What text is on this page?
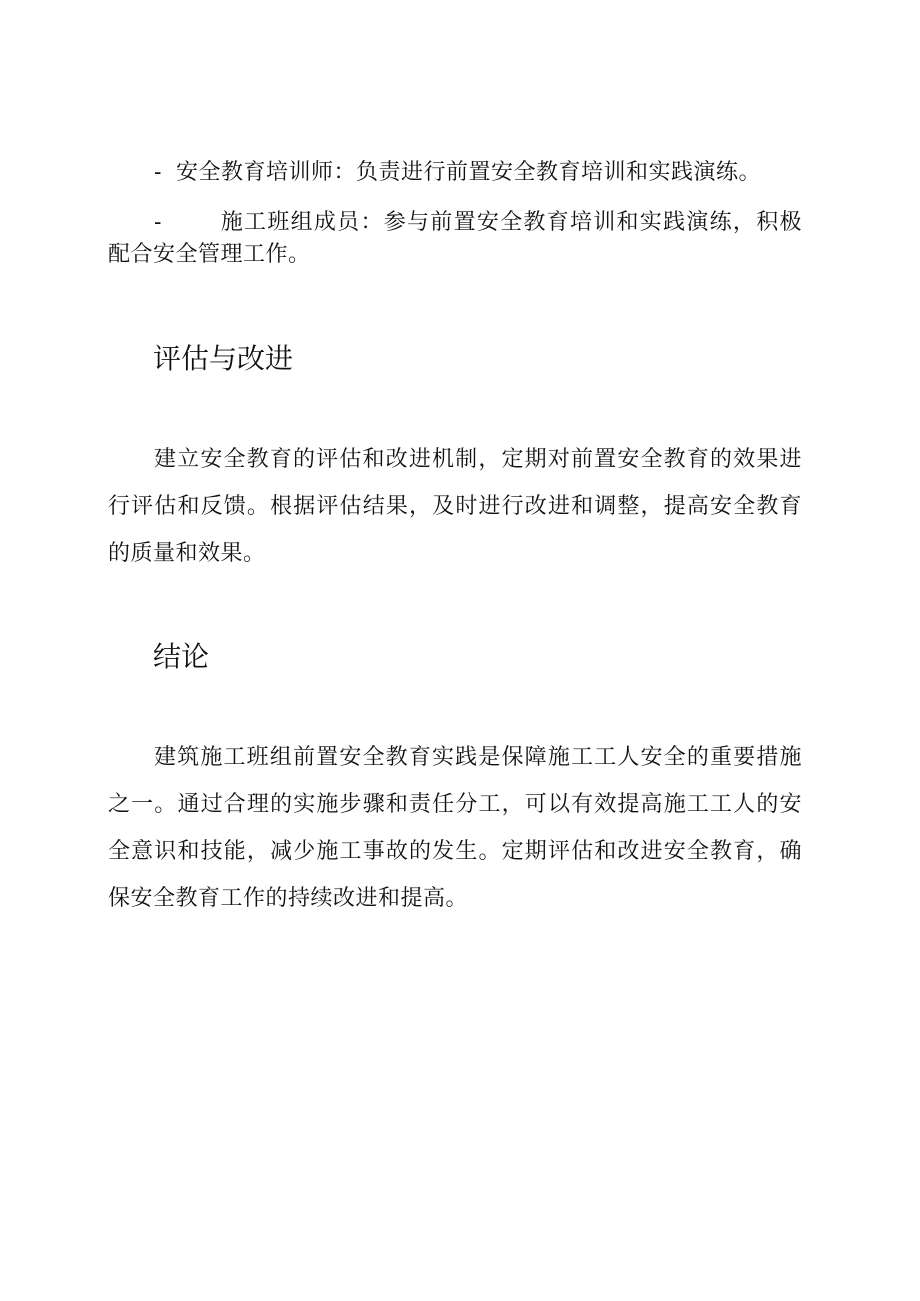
- 安全教育培训师：负责进行前置安全教育培训和实践演练。

-	施工班组成员：参与前置安全教育培训和实践演练，积极配合安全管理工作。

评估与改进

建立安全教育的评估和改进机制，定期对前置安全教育的效果进行评估和反馈。根据评估结果，及时进行改进和调整，提高安全教育的质量和效果。

结论

建筑施工班组前置安全教育实践是保障施工工人安全的重要措施之一。通过合理的实施步骤和责任分工，可以有效提高施工工人的安全意识和技能，减少施工事故的发生。定期评估和改进安全教育，确保安全教育工作的持续改进和提高。
